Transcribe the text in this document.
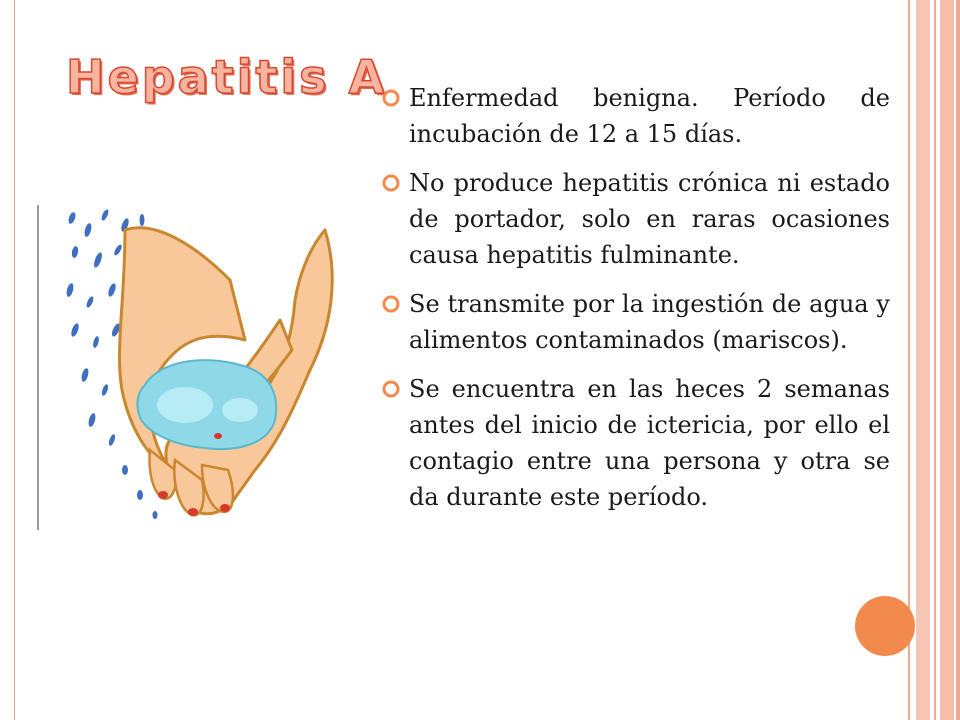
Hepatitis A Enfermedad benigna. Período de incubación de 12 a 15 días.
No produce hepatitis crónica ni estado de portador, solo en raras ocasiones causa hepatitis fulminante.
Se transmite por la ingestión de agua y alimentos contaminados (mariscos).
Se encuentra en las heces 2 semanas antes del inicio de ictericia, por ello el contagio entre una persona y otra se da durante este período.
